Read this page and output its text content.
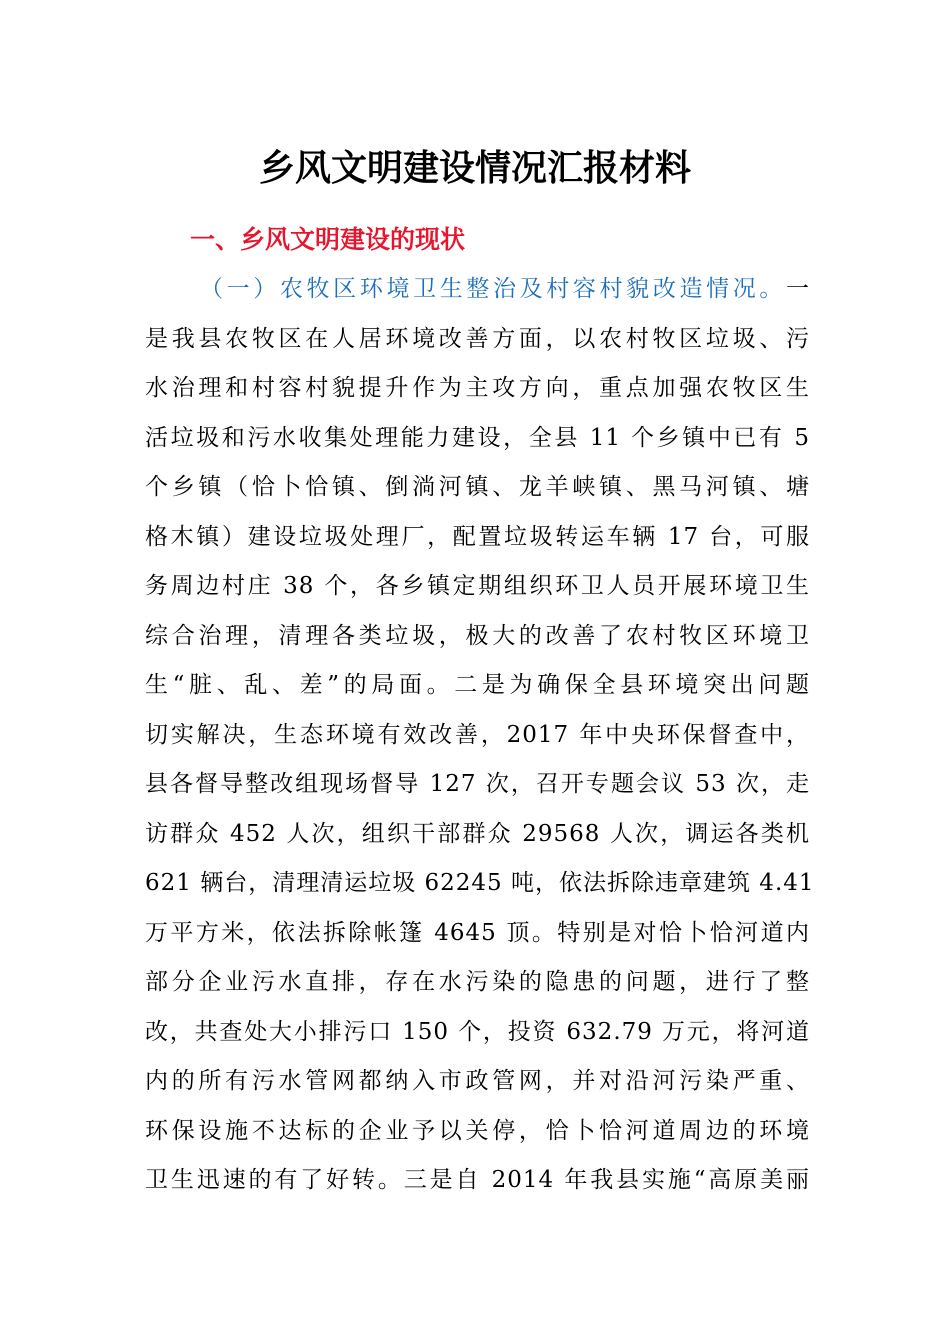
乡风文明建设情况汇报材料
一、乡风文明建设的现状
（一）农牧区环境卫生整治及村容村貌改造情况。一
是我县农牧区在人居环境改善方面，以农村牧区垃圾、污
水治理和村容村貌提升作为主攻方向，重点加强农牧区生
活垃圾和污水收集处理能力建设，全县 11 个乡镇中已有 5
个乡镇（恰卜恰镇、倒淌河镇、龙羊峡镇、黑马河镇、塘
格木镇）建设垃圾处理厂，配置垃圾转运车辆 17 台，可服
务周边村庄 38 个，各乡镇定期组织环卫人员开展环境卫生
综合治理，清理各类垃圾，极大的改善了农村牧区环境卫
生“脏、乱、差”的局面。二是为确保全县环境突出问题
切实解决，生态环境有效改善，2017 年中央环保督查中，
县各督导整改组现场督导 127 次，召开专题会议 53 次，走
访群众 452 人次，组织干部群众 29568 人次，调运各类机
621 辆台，清理清运垃圾 62245 吨，依法拆除违章建筑 4.41
万平方米，依法拆除帐篷 4645 顶。特别是对恰卜恰河道内
部分企业污水直排，存在水污染的隐患的问题，进行了整
改，共查处大小排污口 150 个，投资 632.79 万元，将河道
内的所有污水管网都纳入市政管网，并对沿河污染严重、
环保设施不达标的企业予以关停，恰卜恰河道周边的环境
卫生迅速的有了好转。三是自 2014 年我县实施“高原美丽
